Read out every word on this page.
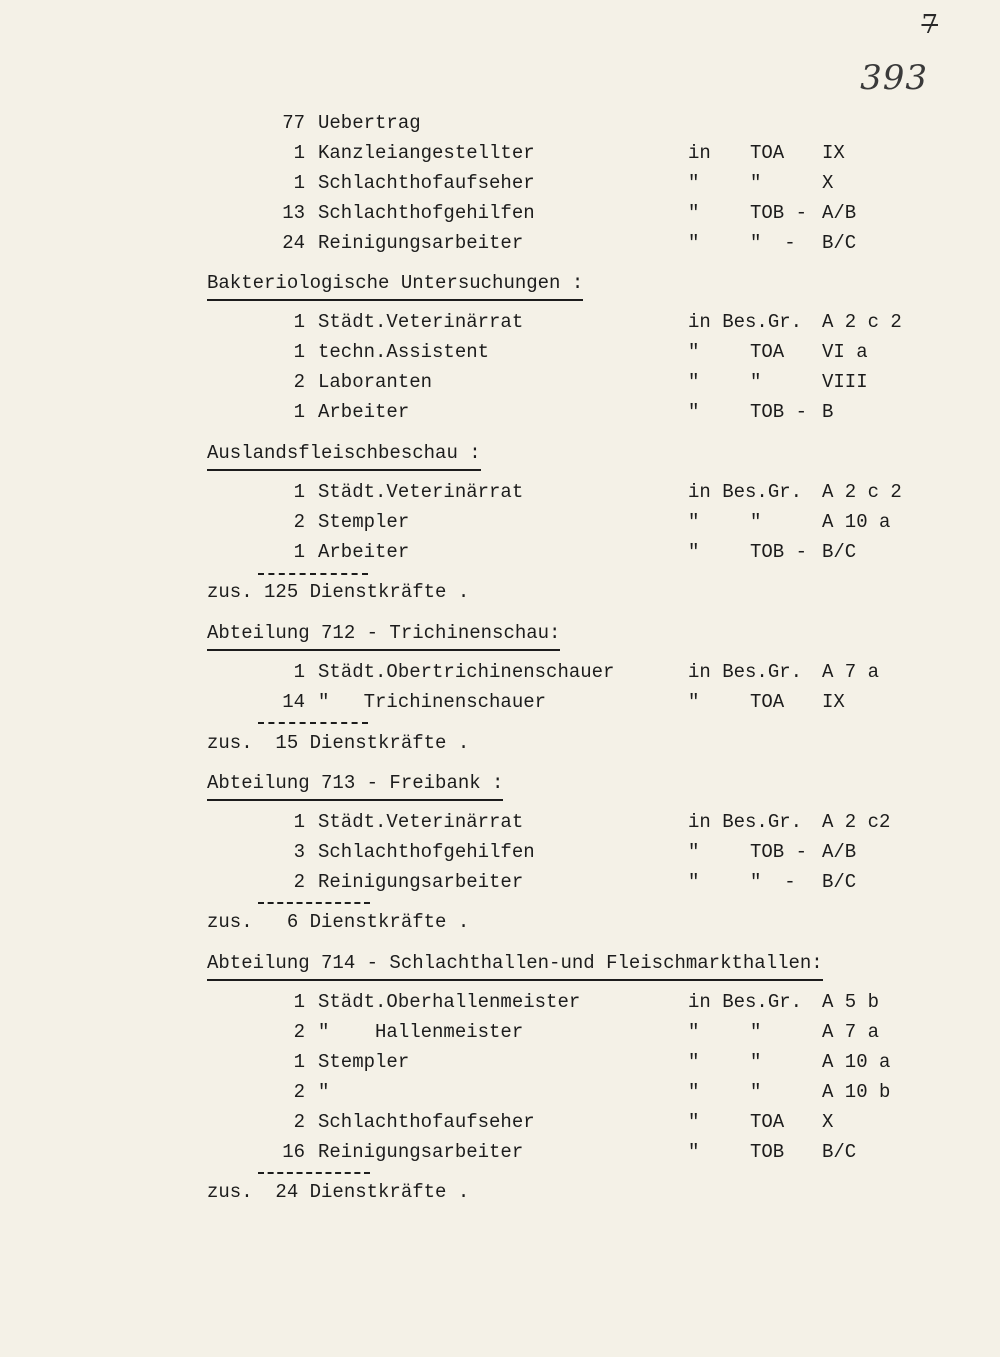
7
393
77 Uebertrag
1 Kanzleiangestellter	in TOA IX
1 Schlachthofaufseher	"	"	X
13 Schlachthofgehilfen	"	TOB - A/B
24 Reinigungsarbeiter	"	"  - B/C
Bakteriologische Untersuchungen :
1 Städt.Veterinärrat	in Bes.Gr. A 2 c 2
1 techn.Assistent	"	TOA VI a
2 Laboranten	"	"	VIII
1 Arbeiter	"	TOB - B
Auslandsfleischbeschau :
1 Städt.Veterinärrat	in Bes.Gr. A 2 c 2
2 Stempler	"	"	A 10 a
1 Arbeiter	"	TOB - B/C
zus. 125 Dienstkräfte .
Abteilung 712 - Trichinenschau:
1 Städt.Obertrichinenschauer	in Bes.Gr. A 7 a
14 "   Trichinenschauer	"	TOA IX
zus.  15 Dienstkräfte .
Abteilung 713 - Freibank :
1 Städt.Veterinärrat	in Bes.Gr. A 2 c2
3 Schlachthofgehilfen	"	TOB - A/B
2 Reinigungsarbeiter	"	"  - B/C
zus.   6 Dienstkräfte .
Abteilung 714 - Schlachthallen-und Fleischmarkthallen:
1 Städt.Oberhallenmeister	in Bes.Gr. A 5 b
2 "    Hallenmeister	"	"	A 7 a
1 Stempler	"	"	A 10 a
2 "	"	"	A 10 b
2 Schlachthofaufseher	"	TOA X
16 Reinigungsarbeiter	"	TOB B/C
zus.  24 Dienstkräfte .
